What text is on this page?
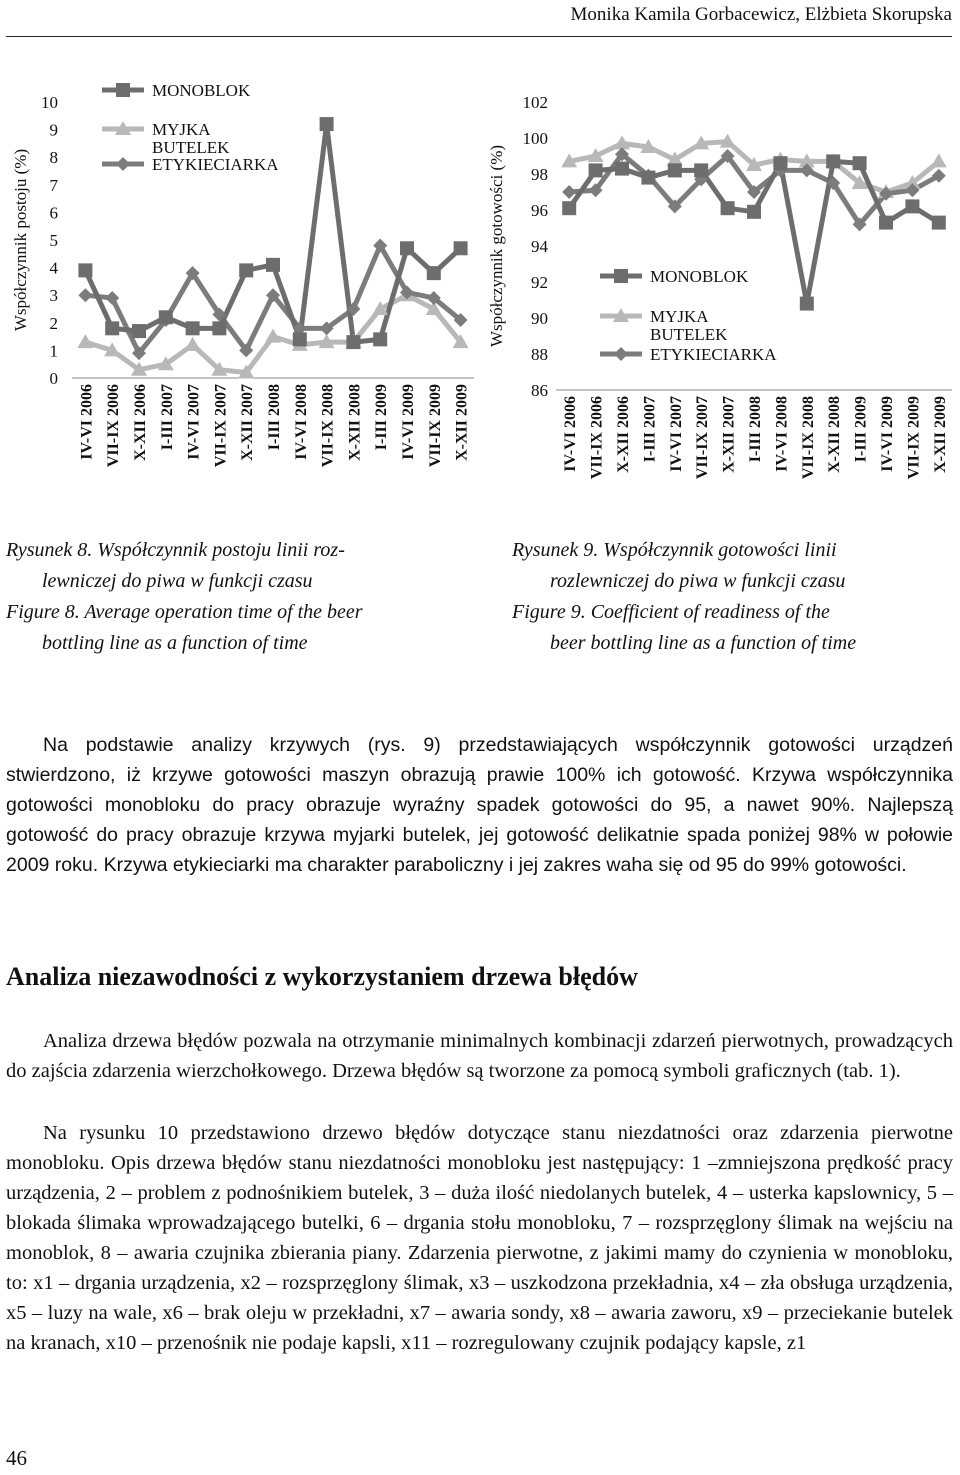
Monika Kamila Gorbacewicz, Elżbieta Skorupska
Współczynnik postoju (%)
0
1
2
3
4
5
6
7
8
9
10
IV-VI 2006 VII-IX 2006 X-XII 2006 I-III 2007 IV-VI 2007 VII-IX 2007 X-XII 2007 I-III 2008 IV-VI 2008 VII-IX 2008 X-XII 2008 I-III 2009 IV-VI 2009 VII-IX 2009 X-XII 2009
MONOBLOK
MYJKA BUTELEK
ETYKIECIARKA	Współczynnik gotowości (%)
86
88
90
92
94
96
98
100
102
IV-VI 2006 VII-IX 2006 X-XII 2006 I-III 2007 IV-VI 2007 VII-IX 2007 X-XII 2007 I-III 2008 IV-VI 2008 VII-IX 2008 X-XII 2008 I-III 2009 IV-VI 2009 VII-IX 2009 X-XII 2009
MONOBLOK
MYJKA BUTELEK
ETYKIECIARKA
Rysunek 8. Współczynnik postoju linii roz-
lewniczej do piwa w funkcji czasu
Figure 8. Average operation time of the beer
bottling line as a function of time
Rysunek 9. Współczynnik gotowości linii
rozlewniczej do piwa w funkcji czasu
Figure 9. Coefficient of readiness of the
beer bottling line as a function of time

Na podstawie analizy krzywych (rys. 9) przedstawiających współczynnik gotowości urządzeń stwierdzono, iż krzywe gotowości maszyn obrazują prawie 100% ich gotowość. Krzywa współczynnika gotowości monobloku do pracy obrazuje wyraźny spadek gotowości do 95, a nawet 90%. Najlepszą gotowość do pracy obrazuje krzywa myjarki butelek, jej gotowość delikatnie spada poniżej 98% w połowie 2009 roku. Krzywa etykieciarki ma charakter paraboliczny i jej zakres waha się od 95 do 99% gotowości.

Analiza niezawodności z wykorzystaniem drzewa błędów

Analiza drzewa błędów pozwala na otrzymanie minimalnych kombinacji zdarzeń pierwotnych, prowadzących do zajścia zdarzenia wierzchołkowego. Drzewa błędów są tworzone za pomocą symboli graficznych (tab. 1).

Na rysunku 10 przedstawiono drzewo błędów dotyczące stanu niezdatności oraz zdarzenia pierwotne monobloku. Opis drzewa błędów stanu niezdatności monobloku jest następujący: 1 –zmniejszona prędkość pracy urządzenia, 2 – problem z podnośnikiem butelek, 3 – duża ilość niedolanych butelek, 4 – usterka kapslownicy, 5 – blokada ślimaka wprowadzającego butelki, 6 – drgania stołu monobloku, 7 – rozsprzęglony ślimak na wejściu na monoblok, 8 – awaria czujnika zbierania piany. Zdarzenia pierwotne, z jakimi mamy do czynienia w monobloku, to: x1 – drgania urządzenia, x2 – rozsprzęglony ślimak, x3 – uszkodzona przekładnia, x4 – zła obsługa urządzenia, x5 – luzy na wale, x6 – brak oleju w przekładni, x7 – awaria sondy, x8 – awaria zaworu, x9 – przeciekanie butelek na kranach, x10 – przenośnik nie podaje kapsli, x11 – rozregulowany czujnik podający kapsle, z1

46
